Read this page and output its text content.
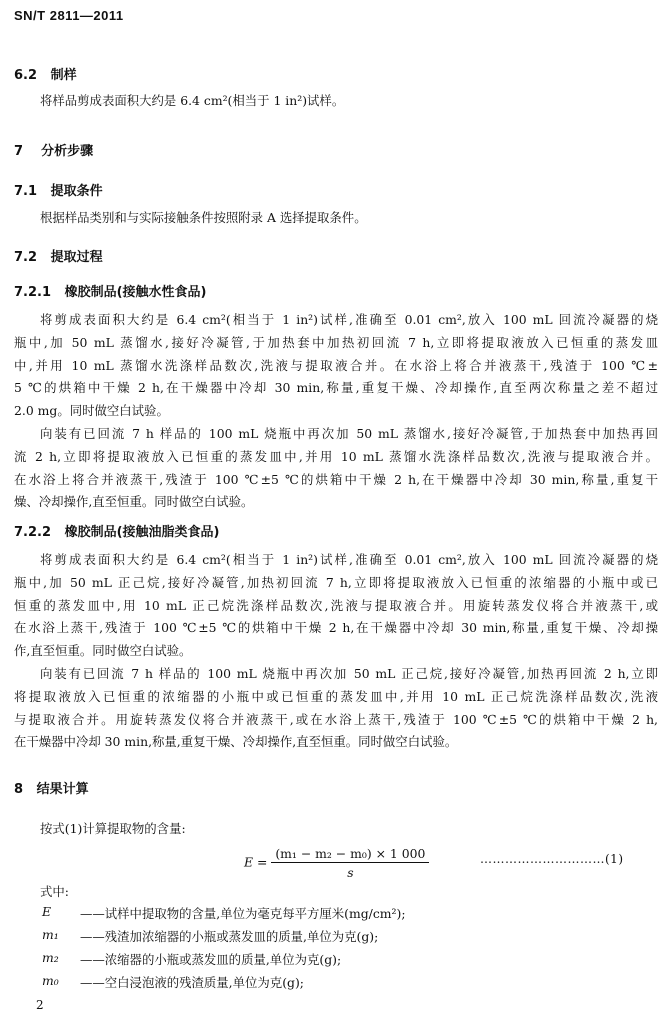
SN/T 2811—2011
6.2 制样
将样品剪成表面积大约是 6.4 cm²(相当于 1 in²)试样。
7 分析步骤
7.1 提取条件
根据样品类别和与实际接触条件按照附录 A 选择提取条件。
7.2 提取过程
7.2.1 橡胶制品(接触水性食品)
将剪成表面积大约是 6.4 cm²(相当于 1 in²)试样,准确至 0.01 cm²,放入 100 mL 回流冷凝器的烧
瓶中,加 50 mL 蒸馏水,接好冷凝管,于加热套中加热初回流 7 h,立即将提取液放入已恒重的蒸发皿
中,并用 10 mL 蒸馏水洗涤样品数次,洗液与提取液合并。在水浴上将合并液蒸干,残渣于 100 ℃±
5 ℃的烘箱中干燥 2 h,在干燥器中冷却 30 min,称量,重复干燥、冷却操作,直至两次称量之差不超过
2.0 mg。同时做空白试验。
向装有已回流 7 h 样品的 100 mL 烧瓶中再次加 50 mL 蒸馏水,接好冷凝管,于加热套中加热再回
流 2 h,立即将提取液放入已恒重的蒸发皿中,并用 10 mL 蒸馏水洗涤样品数次,洗液与提取液合并。
在水浴上将合并液蒸干,残渣于 100 ℃±5 ℃的烘箱中干燥 2 h,在干燥器中冷却 30 min,称量,重复干
燥、冷却操作,直至恒重。同时做空白试验。
7.2.2 橡胶制品(接触油脂类食品)
将剪成表面积大约是 6.4 cm²(相当于 1 in²)试样,准确至 0.01 cm²,放入 100 mL 回流冷凝器的烧
瓶中,加 50 mL 正己烷,接好冷凝管,加热初回流 7 h,立即将提取液放入已恒重的浓缩器的小瓶中或已
恒重的蒸发皿中,用 10 mL 正己烷洗涤样品数次,洗液与提取液合并。用旋转蒸发仪将合并液蒸干,或
在水浴上蒸干,残渣于 100 ℃±5 ℃的烘箱中干燥 2 h,在干燥器中冷却 30 min,称量,重复干燥、冷却操
作,直至恒重。同时做空白试验。
向装有已回流 7 h 样品的 100 mL 烧瓶中再次加 50 mL 正己烷,接好冷凝管,加热再回流 2 h,立即
将提取液放入已恒重的浓缩器的小瓶中或已恒重的蒸发皿中,并用 10 mL 正己烷洗涤样品数次,洗液
与提取液合并。用旋转蒸发仪将合并液蒸干,或在水浴上蒸干,残渣于 100 ℃±5 ℃的烘箱中干燥 2 h,
在干燥器中冷却 30 min,称量,重复干燥、冷却操作,直至恒重。同时做空白试验。
8 结果计算
按式(1)计算提取物的含量:
$E = \frac{\text{(m₁ − m₂ − m₀) × 1 000}}{s}$	…………………………(1)
式中:
E	——试样中提取物的含量,单位为毫克每平方厘米(mg/cm²);
m₁	——残渣加浓缩器的小瓶或蒸发皿的质量,单位为克(g);
m₂	——浓缩器的小瓶或蒸发皿的质量,单位为克(g);
m₀	——空白浸泡液的残渣质量,单位为克(g);
2
